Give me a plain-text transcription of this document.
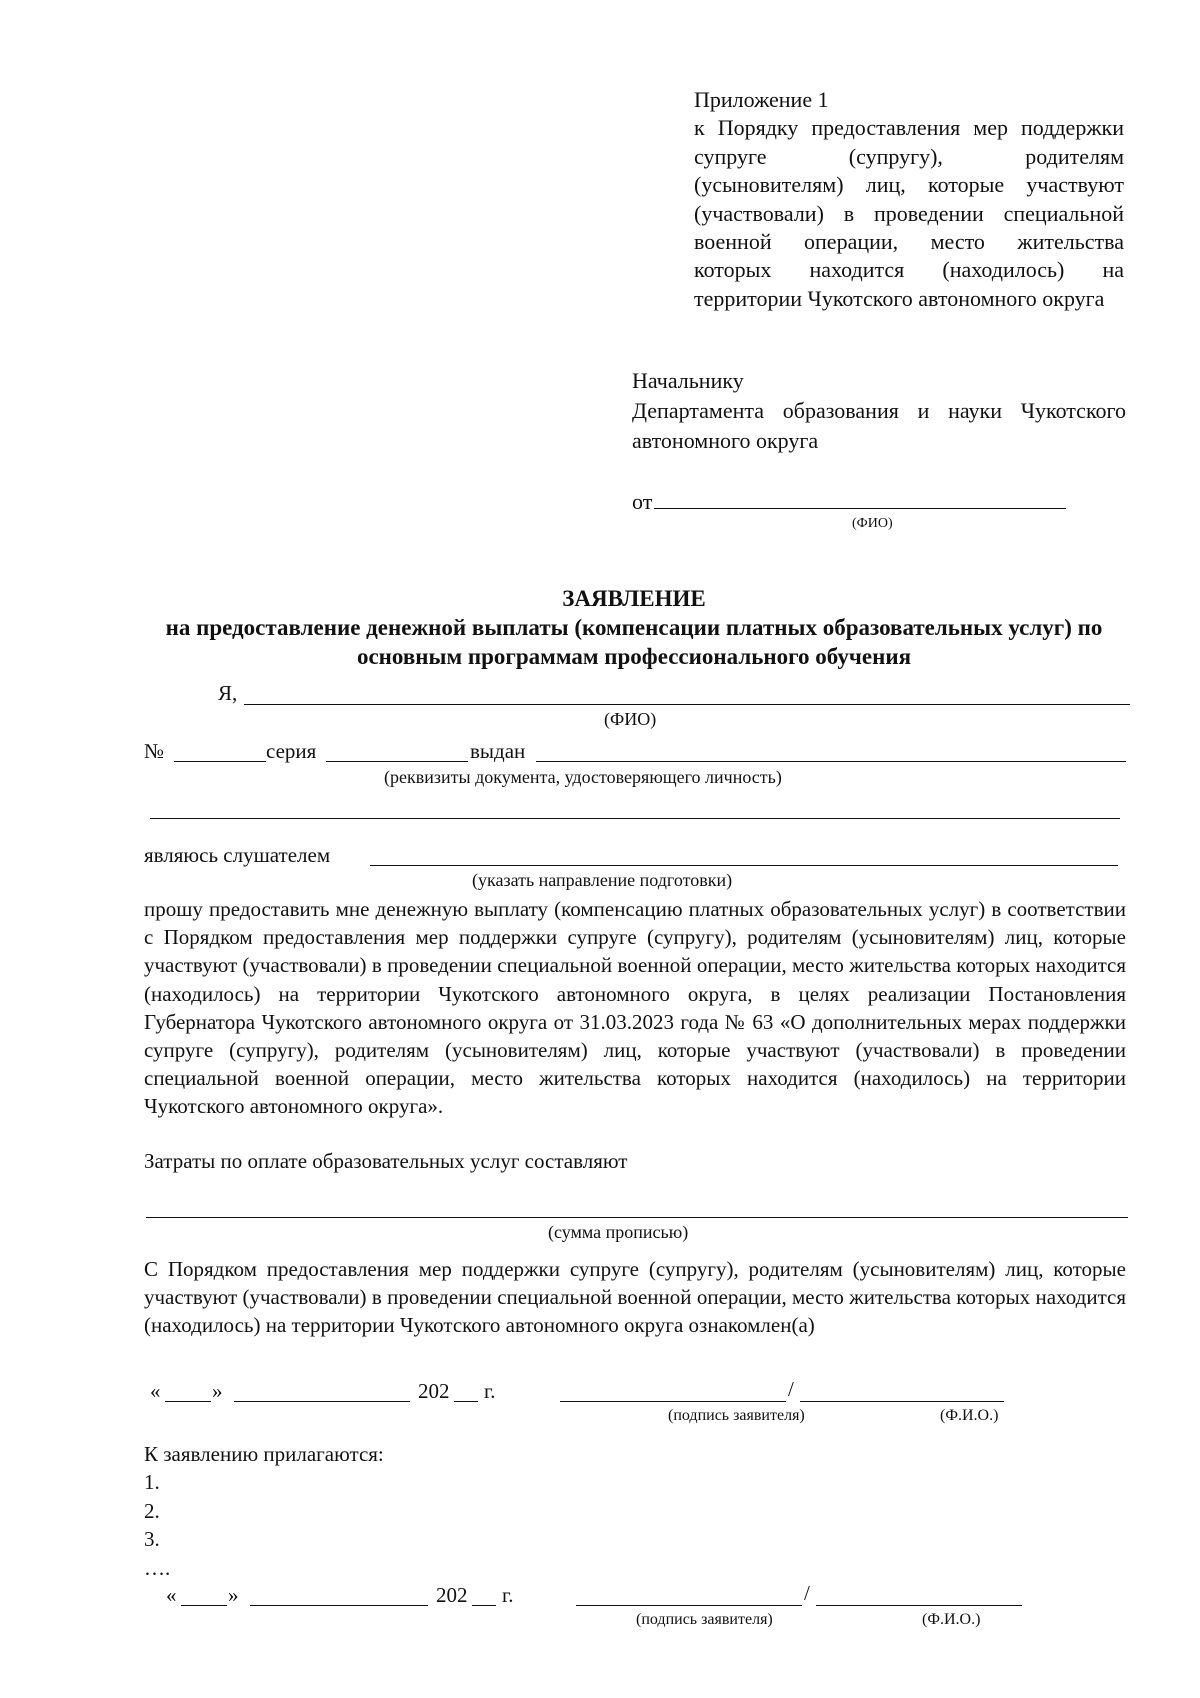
Приложение 1
к Порядку предоставления мер поддержки супруге (супругу), родителям (усыновителям) лиц, которые участвуют (участвовали) в проведении специальной военной операции, место жительства которых находится (находилось) на территории Чукотского автономного округа
Начальнику
Департамента образования и науки Чукотского автономного округа
от
(ФИО)
ЗАЯВЛЕНИЕ
на предоставление денежной выплаты (компенсации платных образовательных услуг) по основным программам профессионального обучения
Я,
(ФИО)
№	серия	выдан
(реквизиты документа, удостоверяющего личность)
являюсь слушателем
(указать направление подготовки)
прошу предоставить мне денежную выплату (компенсацию платных образовательных услуг) в соответствии с Порядком предоставления мер поддержки супруге (супругу), родителям (усыновителям) лиц, которые участвуют (участвовали) в проведении специальной военной операции, место жительства которых находится (находилось) на территории Чукотского автономного округа, в целях реализации Постановления Губернатора Чукотского автономного округа от 31.03.2023 года № 63 «О дополнительных мерах поддержки супруге (супругу), родителям (усыновителям) лиц, которые участвуют (участвовали) в проведении специальной военной операции, место жительства которых находится (находилось) на территории Чукотского автономного округа».
Затраты по оплате образовательных услуг составляют
(сумма прописью)
С Порядком предоставления мер поддержки супруге (супругу), родителям (усыновителям) лиц, которые участвуют (участвовали) в проведении специальной военной операции, место жительства которых находится (находилось) на территории Чукотского автономного округа ознакомлен(а)
« »	202 г.	/
(подпись заявителя)	(Ф.И.О.)
К заявлению прилагаются:
1.
2.
3.
….
« »	202 г.	/
(подпись заявителя)	(Ф.И.О.)
